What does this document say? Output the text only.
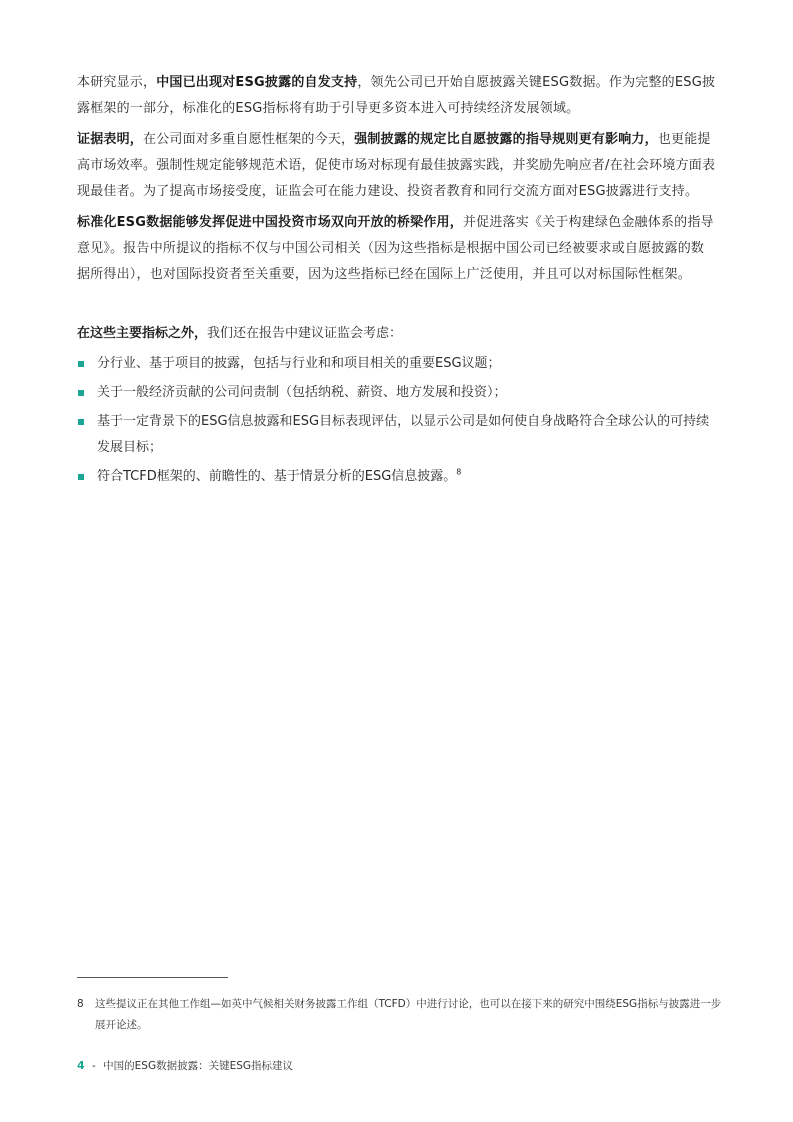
本研究显示，中国已出现对ESG披露的自发支持，领先公司已开始自愿披露关键ESG数据。作为完整的ESG披露框架的一部分，标准化的ESG指标将有助于引导更多资本进入可持续经济发展领域。

证据表明，在公司面对多重自愿性框架的今天，强制披露的规定比自愿披露的指导规则更有影响力，也更能提高市场效率。强制性规定能够规范术语，促使市场对标现有最佳披露实践，并奖励先响应者/在社会环境方面表现最佳者。为了提高市场接受度，证监会可在能力建设、投资者教育和同行交流方面对ESG披露进行支持。

标准化ESG数据能够发挥促进中国投资市场双向开放的桥梁作用，并促进落实《关于构建绿色金融体系的指导意见》。报告中所提议的指标不仅与中国公司相关（因为这些指标是根据中国公司已经被要求或自愿披露的数据所得出），也对国际投资者至关重要，因为这些指标已经在国际上广泛使用，并且可以对标国际性框架。

在这些主要指标之外，我们还在报告中建议证监会考虑：

分行业、基于项目的披露，包括与行业和和项目相关的重要ESG议题；
关于一般经济贡献的公司问责制（包括纳税、薪资、地方发展和投资）；
基于一定背景下的ESG信息披露和ESG目标表现评估，以显示公司是如何使自身战略符合全球公认的可持续发展目标；
符合TCFD框架的、前瞻性的、基于情景分析的ESG信息披露。$^8$
8 这些提议正在其他工作组—如英中气候相关财务披露工作组（TCFD）中进行讨论，也可以在接下来的研究中围绕ESG指标与披露进一步展开论述。
4 - 中国的ESG数据披露：关键ESG指标建议
